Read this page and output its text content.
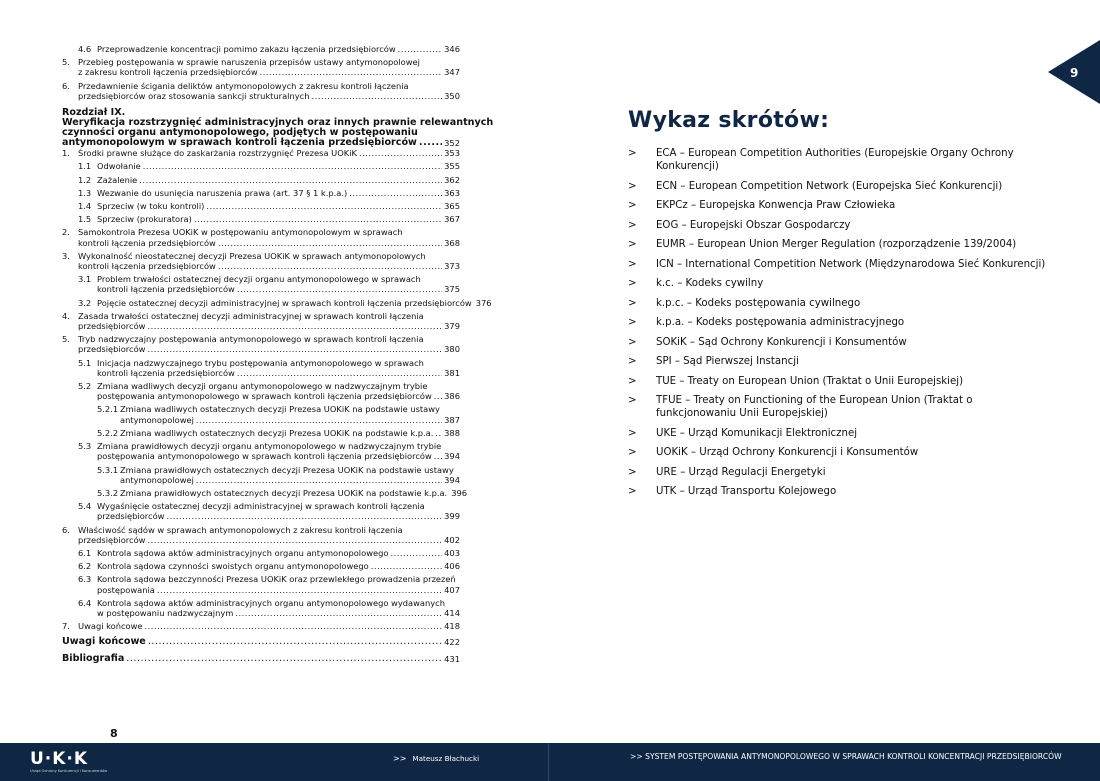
4.6 Przeprowadzenie koncentracji pomimo zakazu łączenia przedsiębiorców .....	346
5. Przebieg postępowania w sprawie naruszenia przepisów ustawy antymonopolowej
z zakresu kontroli łączenia przedsiębiorców .....	347
6. Przedawnienie ścigania deliktów antymonopolowych z zakresu kontroli łączenia
przedsiębiorców oraz stosowania sankcji strukturalnych .....	350
Rozdział IX.
Weryfikacja rozstrzygnięć administracyjnych oraz innych prawnie relewantnych
czynności organu antymonopolowego, podjętych w postępowaniu
antymonopolowym w sprawach kontroli łączenia przedsiębiorców .....	352
1. Środki prawne służące do zaskarżania rozstrzygnięć Prezesa UOKiK .....	353
1.1 Odwołanie .....	355
1.2 Zażalenie .....	362
1.3 Wezwanie do usunięcia naruszenia prawa (art. 37 § 1 k.p.a.) .....	363
1.4 Sprzeciw (w toku kontroli) .....	365
1.5 Sprzeciw (prokuratora) .....	367
2. Samokontrola Prezesa UOKiK w postępowaniu antymonopolowym w sprawach
kontroli łączenia przedsiębiorców .....	368
3. Wykonalność nieostatecznej decyzji Prezesa UOKiK w sprawach antymonopolowych
kontroli łączenia przedsiębiorców .....	373
3.1 Problem trwałości ostatecznej decyzji organu antymonopolowego w sprawach
kontroli łączenia przedsiębiorców .....	375
3.2 Pojęcie ostatecznej decyzji administracyjnej w sprawach kontroli łączenia przedsiębiorców 376
4. Zasada trwałości ostatecznej decyzji administracyjnej w sprawach kontroli łączenia
przedsiębiorców .....	379
5. Tryb nadzwyczajny postępowania antymonopolowego w sprawach kontroli łączenia
przedsiębiorców .....	380
5.1 Inicjacja nadzwyczajnego trybu postępowania antymonopolowego w sprawach
kontroli łączenia przedsiębiorców .....	381
5.2 Zmiana wadliwych decyzji organu antymonopolowego w nadzwyczajnym trybie
postępowania antymonopolowego w sprawach kontroli łączenia przedsiębiorców ..... 386
5.2.1 Zmiana wadliwych ostatecznych decyzji Prezesa UOKiK na podstawie ustawy
antymonopolowej .....	387
5.2.2 Zmiana wadliwych ostatecznych decyzji Prezesa UOKiK na podstawie k.p.a. ..... 388
5.3 Zmiana prawidłowych decyzji organu antymonopolowego w nadzwyczajnym trybie
postępowania antymonopolowego w sprawach kontroli łączenia przedsiębiorców ..... 394
5.3.1 Zmiana prawidłowych ostatecznych decyzji Prezesa UOKiK na podstawie ustawy
antymonopolowej .....	394
5.3.2 Zmiana prawidłowych ostatecznych decyzji Prezesa UOKiK na podstawie k.p.a. 396
5.4 Wygaśnięcie ostatecznej decyzji administracyjnej w sprawach kontroli łączenia
przedsiębiorców .....	399
6. Właściwość sądów w sprawach antymonopolowych z zakresu kontroli łączenia
przedsiębiorców .....	402
6.1 Kontrola sądowa aktów administracyjnych organu antymonopolowego .....	403
6.2 Kontrola sądowa czynności swoistych organu antymonopolowego .....	406
6.3 Kontrola sądowa bezczynności Prezesa UOKiK oraz przewlekłego prowadzenia przezeń
postępowania .....	407
6.4 Kontrola sądowa aktów administracyjnych organu antymonopolowego wydawanych
w postępowaniu nadzwyczajnym .....	414
7. Uwagi końcowe .....	418
Uwagi końcowe .....	422
Bibliografia .....	431
Wykaz skrótów:
>	ECA – European Competition Authorities (Europejskie Organy Ochrony Konkurencji)
>	ECN – European Competition Network (Europejska Sieć Konkurencji)
>	EKPCz – Europejska Konwencja Praw Człowieka
>	EOG – Europejski Obszar Gospodarczy
>	EUMR – European Union Merger Regulation (rozporządzenie 139/2004)
>	ICN – International Competition Network (Międzynarodowa Sieć Konkurencji)
>	k.c. – Kodeks cywilny
>	k.p.c. – Kodeks postępowania cywilnego
>	k.p.a. – Kodeks postępowania administracyjnego
>	SOKiK – Sąd Ochrony Konkurencji i Konsumentów
>	SPI – Sąd Pierwszej Instancji
>	TUE – Treaty on European Union (Traktat o Unii Europejskiej)
>	TFUE – Treaty on Functioning of the European Union (Traktat o funkcjonowaniu Unii Europejskiej)
>	UKE – Urząd Komunikacji Elektronicznej
>	UOKiK – Urząd Ochrony Konkurencji i Konsumentów
>	URE – Urząd Regulacji Energetyki
>	UTK – Urząd Transportu Kolejowego
9
8
U·K·K
Urząd Ochrony Konkurencji i Konsumentów
>> Mateusz Błachucki	>> SYSTEM POSTĘPOWANIA ANTYMONOPOLOWEGO W SPRAWACH KONTROLI KONCENTRACJI PRZEDSIĘBIORCÓW
